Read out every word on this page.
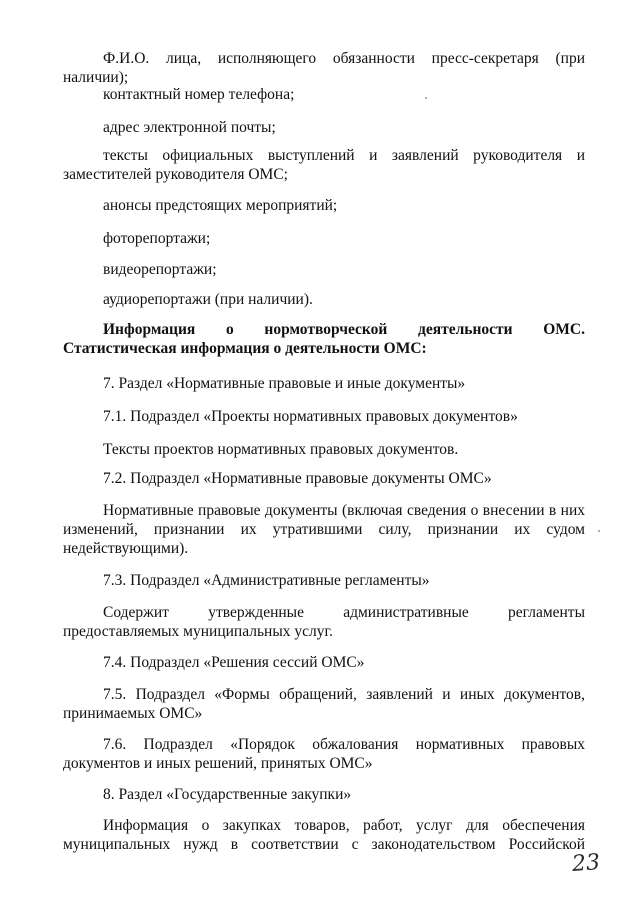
Ф.И.О. лица, исполняющего обязанности пресс-секретаря (при наличии);
контактный номер телефона;
адрес электронной почты;
тексты официальных выступлений и заявлений руководителя и заместителей руководителя ОМС;
анонсы предстоящих мероприятий;
фоторепортажи;
видеорепортажи;
аудиорепортажи (при наличии).
Информация о нормотворческой деятельности ОМС. Статистическая информация о деятельности ОМС:
7. Раздел «Нормативные правовые и иные документы»
7.1. Подраздел «Проекты нормативных правовых документов»
Тексты проектов нормативных правовых документов.
7.2. Подраздел «Нормативные правовые документы ОМС»
Нормативные правовые документы (включая сведения о внесении в них изменений, признании их утратившими силу, признании их судом недействующими).
7.3. Подраздел «Административные регламенты»
Содержит утвержденные административные регламенты предоставляемых муниципальных услуг.
7.4. Подраздел «Решения сессий ОМС»
7.5. Подраздел «Формы обращений, заявлений и иных документов, принимаемых ОМС»
7.6. Подраздел «Порядок обжалования нормативных правовых документов и иных решений, принятых ОМС»
8. Раздел «Государственные закупки»
Информация о закупках товаров, работ, услуг для обеспечения муниципальных нужд в соответствии с законодательством Российской
23
